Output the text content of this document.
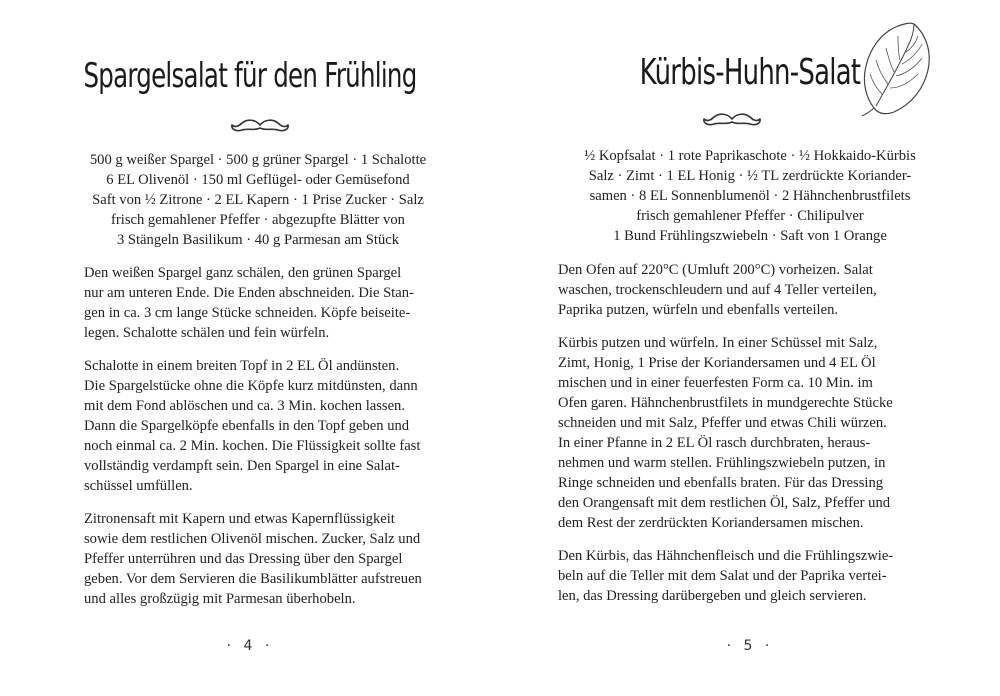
Spargelsalat für den Frühling
500 g weißer Spargel · 500 g grüner Spargel · 1 Schalotte
6 EL Olivenöl · 150 ml Geflügel- oder Gemüsefond
Saft von ½ Zitrone · 2 EL Kapern · 1 Prise Zucker · Salz
frisch gemahlener Pfeffer · abgezupfte Blätter von
3 Stängeln Basilikum · 40 g Parmesan am Stück

Den weißen Spargel ganz schälen, den grünen Spargel
nur am unteren Ende. Die Enden abschneiden. Die Stan-
gen in ca. 3 cm lange Stücke schneiden. Köpfe beiseite-
legen. Schalotte schälen und fein würfeln.

Schalotte in einem breiten Topf in 2 EL Öl andünsten.
Die Spargelstücke ohne die Köpfe kurz mitdünsten, dann
mit dem Fond ablöschen und ca. 3 Min. kochen lassen.
Dann die Spargelköpfe ebenfalls in den Topf geben und
noch einmal ca. 2 Min. kochen. Die Flüssigkeit sollte fast
vollständig verdampft sein. Den Spargel in eine Salat-
schüssel umfüllen.

Zitronensaft mit Kapern und etwas Kapernflüssigkeit
sowie dem restlichen Olivenöl mischen. Zucker, Salz und
Pfeffer unterrühren und das Dressing über den Spargel
geben. Vor dem Servieren die Basilikumblätter aufstreuen
und alles großzügig mit Parmesan überhobeln.

· 4 ·
Kürbis-Huhn-Salat
½ Kopfsalat · 1 rote Paprikaschote · ½ Hokkaido-Kürbis
Salz · Zimt · 1 EL Honig · ½ TL zerdrückte Koriander-
samen · 8 EL Sonnenblumenöl · 2 Hähnchenbrustfilets
frisch gemahlener Pfeffer · Chilipulver
1 Bund Frühlingszwiebeln · Saft von 1 Orange

Den Ofen auf 220°C (Umluft 200°C) vorheizen. Salat
waschen, trockenschleudern und auf 4 Teller verteilen,
Paprika putzen, würfeln und ebenfalls verteilen.

Kürbis putzen und würfeln. In einer Schüssel mit Salz,
Zimt, Honig, 1 Prise der Koriandersamen und 4 EL Öl
mischen und in einer feuerfesten Form ca. 10 Min. im
Ofen garen. Hähnchenbrustfilets in mundgerechte Stücke
schneiden und mit Salz, Pfeffer und etwas Chili würzen.
In einer Pfanne in 2 EL Öl rasch durchbraten, heraus-
nehmen und warm stellen. Frühlingszwiebeln putzen, in
Ringe schneiden und ebenfalls braten. Für das Dressing
den Orangensaft mit dem restlichen Öl, Salz, Pfeffer und
dem Rest der zerdrückten Koriandersamen mischen.

Den Kürbis, das Hähnchenfleisch und die Frühlingszwie-
beln auf die Teller mit dem Salat und der Paprika vertei-
len, das Dressing darübergeben und gleich servieren.

· 5 ·
